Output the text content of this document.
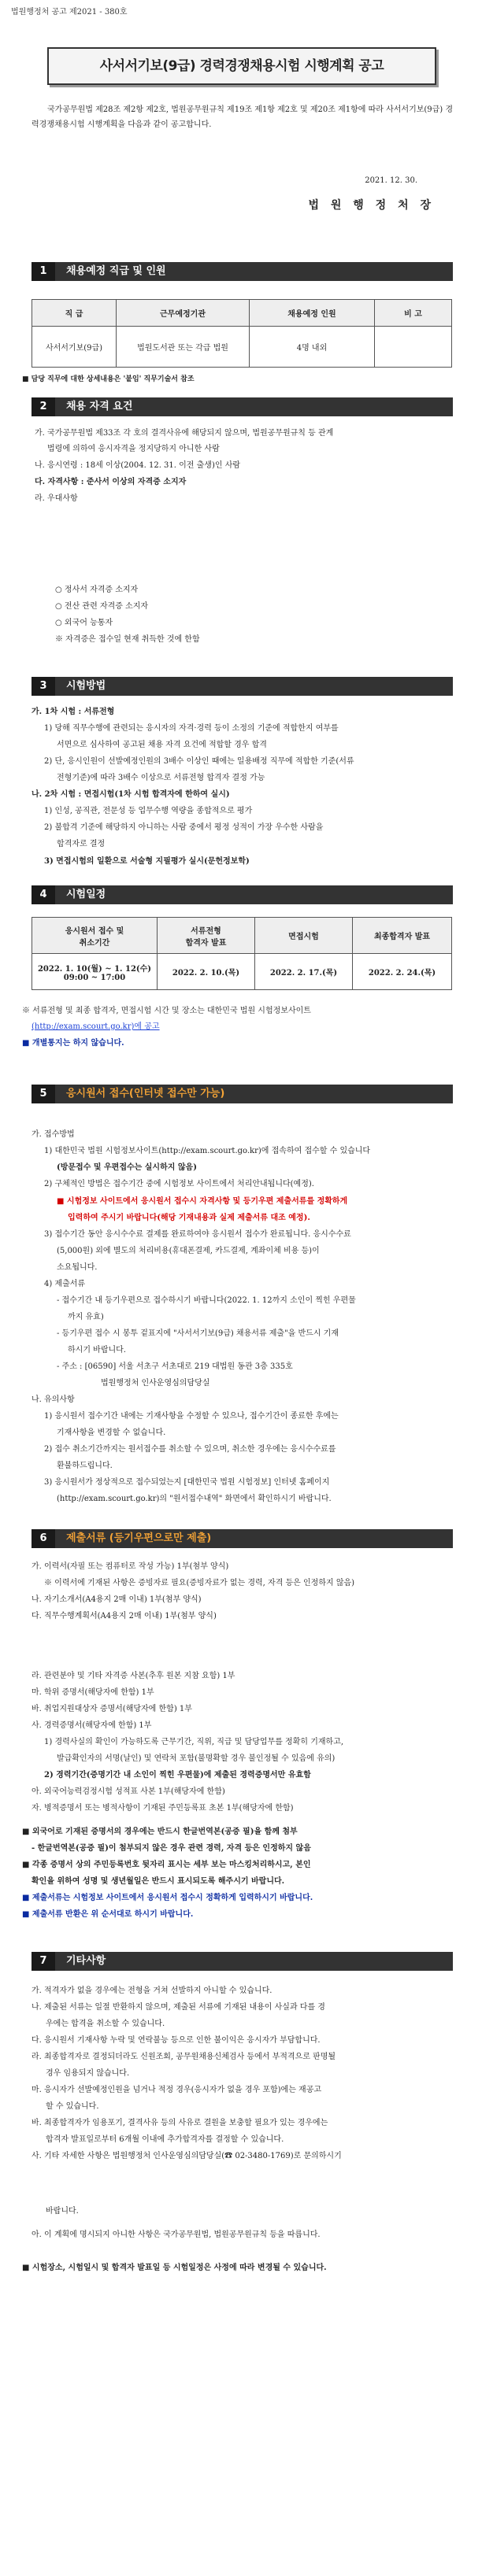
법원행정처 공고 제2021 - 380호
사서서기보(9급) 경력경쟁채용시험 시행계획 공고
국가공무원법 제28조 제2항 제2호, 법원공무원규칙 제19조 제1항 제2호 및 제20조 제1항에 따라 사서서기보(9급) 경력경쟁채용시험 시행계획을 다음과 같이 공고합니다.
2021. 12. 30.
법 원 행 정 처 장
1	채용예정 직급 및 인원
직 급	근무예정기관	채용예정 인원	비 고
사서서기보(9급)	법원도서관 또는 각급 법원	4명 내외	
■ 담당 직무에 대한 상세내용은 '붙임' 직무기술서 참조
2	채용 자격 요건
가. 국가공무원법 제33조 각 호의 결격사유에 해당되지 않으며, 법원공무원규칙 등 관계
법령에 의하여 응시자격을 정지당하지 아니한 사람
나. 응시연령 : 18세 이상(2004. 12. 31. 이전 출생)인 사람
다. 자격사항 : 준사서 이상의 자격증 소지자
라. 우대사항
○ 정사서 자격증 소지자
○ 전산 관련 자격증 소지자
○ 외국어 능통자
※ 자격증은 접수일 현재 취득한 것에 한함
3	시험방법
가. 1차 시험 : 서류전형
1) 당해 직무수행에 관련되는 응시자의 자격·경력 등이 소정의 기준에 적합한지 여부를
서면으로 심사하여 공고된 채용 자격 요건에 적합할 경우 합격
2) 단, 응시인원이 선발예정인원의 3배수 이상인 때에는 일용배정 직무에 적합한 기준(서류
전형기준)에 따라 3배수 이상으로 서류전형 합격자 결정 가능
나. 2차 시험 : 면접시험(1차 시험 합격자에 한하여 실시)
1) 인성, 공직관, 전문성 등 업무수행 역량을 종합적으로 평가
2) 불합격 기준에 해당하지 아니하는 사람 중에서 평정 성적이 가장 우수한 사람을
합격자로 결정
3) 면접시험의 일환으로 서술형 지필평가 실시(문헌정보학)
4	시험일정
응시원서 접수 및
취소기간	서류전형
합격자 발표	면접시험	최종합격자 발표
2022. 1. 10(월) ~ 1. 12(수)
09:00 ~ 17:00	2022. 2. 10.(목)	2022. 2. 17.(목)	2022. 2. 24.(목)
※ 서류전형 및 최종 합격자, 면접시험 시간 및 장소는 대한민국 법원 시험정보사이트
(http://exam.scourt.go.kr)에 공고
■ 개별통지는 하지 않습니다.
5	응시원서 접수(인터넷 접수만 가능)
가. 접수방법
1) 대한민국 법원 시험정보사이트(http://exam.scourt.go.kr)에 접속하여 접수할 수 있습니다
(방문접수 및 우편접수는 실시하지 않음)
2) 구체적인 방법은 접수기간 중에 시험정보 사이트에서 처리안내됩니다(예정).
■ 시험정보 사이트에서 응시원서 접수시 자격사항 및 등기우편 제출서류를 정확하게
입력하여 주시기 바랍니다(해당 기재내용과 실제 제출서류 대조 예정).
3) 접수기간 동안 응시수수료 결제를 완료하여야 응시원서 접수가 완료됩니다. 응시수수료
(5,000원) 외에 별도의 처리비용(휴대폰결제, 카드결제, 계좌이체 비용 등)이
소요됩니다.
4) 제출서류
- 접수기간 내 등기우편으로 접수하시기 바랍니다(2022. 1. 12까지 소인이 찍힌 우편물
까지 유효)
- 등기우편 접수 시 봉투 겉표지에 "사서서기보(9급) 채용서류 제출"을 반드시 기재
하시기 바랍니다.
- 주소 : [06590] 서울 서초구 서초대로 219 대법원 동관 3층 335호
법원행정처 인사운영심의담당실
나. 유의사항
1) 응시원서 접수기간 내에는 기재사항을 수정할 수 있으나, 접수기간이 종료한 후에는
기재사항을 변경할 수 없습니다.
2) 접수 취소기간까지는 원서접수를 취소할 수 있으며, 취소한 경우에는 응시수수료를
환불하드립니다.
3) 응시원서가 정상적으로 접수되었는지 [대한민국 법원 시험정보] 인터넷 홈페이지
(http://exam.scourt.go.kr)의 "원서접수내역" 화면에서 확인하시기 바랍니다.
6	제출서류 (등기우편으로만 제출)
가. 이력서(자필 또는 컴퓨터로 작성 가능) 1부(첨부 양식)
※ 이력서에 기재된 사항은 증빙자료 필요(증빙자료가 없는 경력, 자격 등은 인정하지 않음)
나. 자기소개서(A4용지 2매 이내) 1부(첨부 양식)
다. 직무수행계획서(A4용지 2매 이내) 1부(첨부 양식)
라. 관련분야 및 기타 자격증 사본(추후 원본 지참 요함) 1부
마. 학위 증명서(해당자에 한함) 1부
바. 취업지원대상자 증명서(해당자에 한함) 1부
사. 경력증명서(해당자에 한함) 1부
1) 경력사실의 확인이 가능하도록 근무기간, 직위, 직급 및 담당업무를 정확히 기재하고,
발급확인자의 서명(날인) 및 연락처 포함(불명확할 경우 불인정될 수 있음에 유의)
2) 경력기간(증명기간 내 소인이 찍힌 우편물)에 제출된 경력증명서만 유효함
아. 외국어능력검정시험 성적표 사본 1부(해당자에 한함)
자. 병적증명서 또는 병적사항이 기재된 주민등록표 초본 1부(해당자에 한함)
■ 외국어로 기재된 증명서의 경우에는 반드시 한글번역본(공증 필)을 함께 첨부
- 한글번역본(공증 필)이 첨부되지 않은 경우 관련 경력, 자격 등은 인정하지 않음
■ 각종 증명서 상의 주민등록번호 뒷자리 표시는 세부 보는 마스킹처리하시고, 본인
확인을 위하여 성명 및 생년월일은 반드시 표시되도록 해주시기 바랍니다.
■ 제출서류는 시험정보 사이트에서 응시원서 접수시 정확하게 입력하시기 바랍니다.
■ 제출서류 반환은 위 순서대로 하시기 바랍니다.
7	기타사항
가. 적격자가 없을 경우에는 전형을 거쳐 선발하지 아니할 수 있습니다.
나. 제출된 서류는 일절 반환하지 않으며, 제출된 서류에 기재된 내용이 사실과 다를 경
우에는 합격을 취소할 수 있습니다.
다. 응시원서 기재사항 누락 및 연락불능 등으로 인한 불이익은 응시자가 부담합니다.
라. 최종합격자로 결정되더라도 신원조회, 공무원채용신체검사 등에서 부적격으로 판명될
경우 임용되지 않습니다.
마. 응시자가 선발예정인원을 넘거나 적정 경우(응시자가 없을 경우 포함)에는 재공고
할 수 있습니다.
바. 최종합격자가 임용포기, 결격사유 등의 사유로 결원을 보충할 필요가 있는 경우에는
합격자 발표일로부터 6개월 이내에 추가합격자를 결정할 수 있습니다.
사. 기타 자세한 사항은 법원행정처 인사운영심의담당실(☎ 02-3480-1769)로 문의하시기
바랍니다.
아. 이 계획에 명시되지 아니한 사항은 국가공무원법, 법원공무원규칙 등을 따릅니다.
■ 시험장소, 시험일시 및 합격자 발표일 등 시험일정은 사정에 따라 변경될 수 있습니다.
